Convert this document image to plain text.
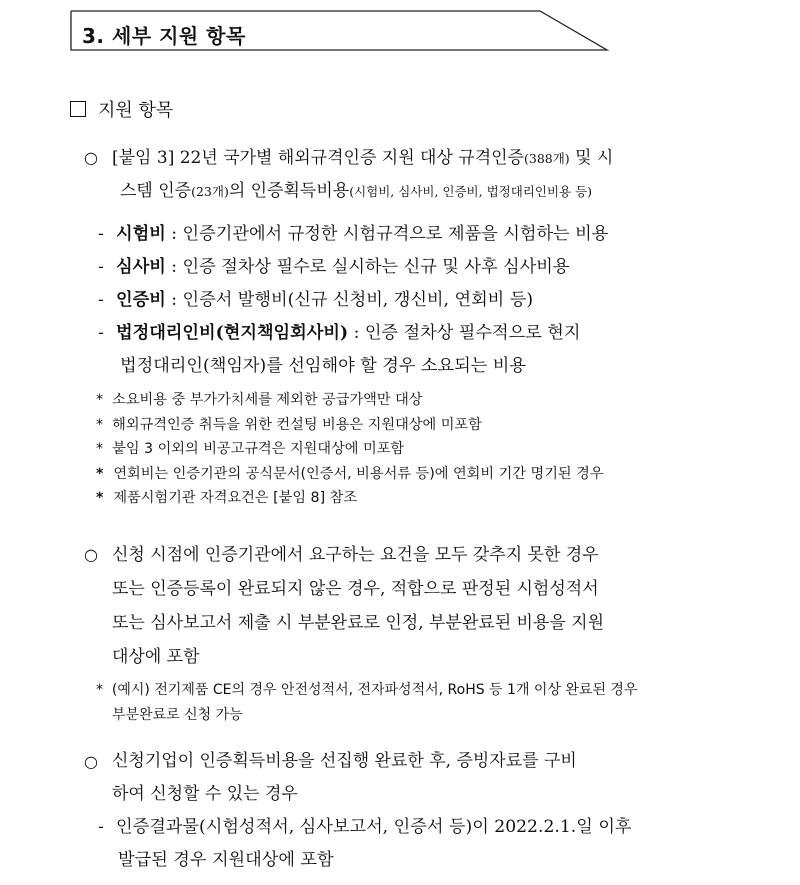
3. 세부 지원 항목
지원 항목
○ [붙임 3] 22년 국가별 해외규격인증 지원 대상 규격인증(388개) 및 시
스템 인증(23개)의 인증획득비용(시험비, 심사비, 인증비, 법정대리인비용 등)
- 시험비 : 인증기관에서 규정한 시험규격으로 제품을 시험하는 비용
- 심사비 : 인증 절차상 필수로 실시하는 신규 및 사후 심사비용
- 인증비 : 인증서 발행비(신규 신청비, 갱신비, 연회비 등)
- 법정대리인비(현지책임회사비) : 인증 절차상 필수적으로 현지
법정대리인(책임자)를 선임해야 할 경우 소요되는 비용
*  소요비용 중 부가가치세를 제외한 공급가액만 대상
*  해외규격인증 취득을 위한 컨설팅 비용은 지원대상에 미포함
*  붙임 3 이외의 비공고규격은 지원대상에 미포함
*  연회비는 인증기관의 공식문서(인증서, 비용서류 등)에 연회비 기간 명기된 경우
*  제품시험기관 자격요건은 [붙임 8] 참조
○ 신청 시점에 인증기관에서 요구하는 요건을 모두 갖추지 못한 경우
또는 인증등록이 완료되지 않은 경우, 적합으로 판정된 시험성적서
또는 심사보고서 제출 시 부분완료로 인정, 부분완료된 비용을 지원
대상에 포함
*  (예시) 전기제품 CE의 경우 안전성적서, 전자파성적서, RoHS 등 1개 이상 완료된 경우
부분완료로 신청 가능
○ 신청기업이 인증획득비용을 선집행 완료한 후, 증빙자료를 구비
하여 신청할 수 있는 경우
- 인증결과물(시험성적서, 심사보고서, 인증서 등)이 2022.2.1.일 이후
발급된 경우 지원대상에 포함
